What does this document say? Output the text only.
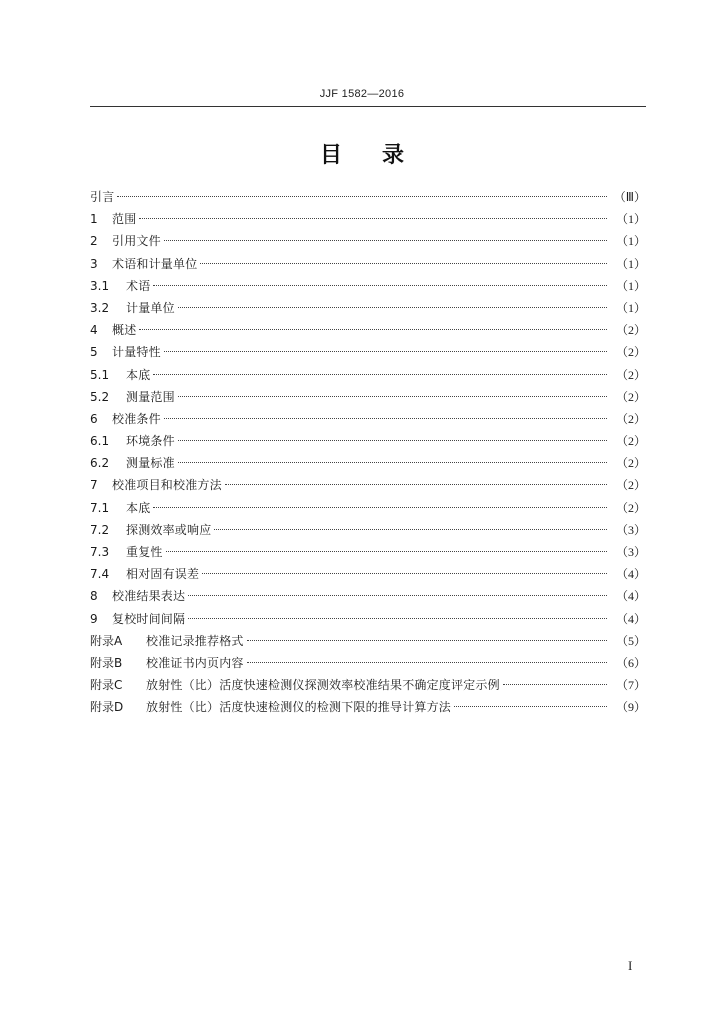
JJF 1582—2016
目录
引言	（Ⅲ）
1	范围	（1）
2	引用文件	（1）
3	术语和计量单位	（1）
3.1	术语	（1）
3.2	计量单位	（1）
4	概述	（2）
5	计量特性	（2）
5.1	本底	（2）
5.2	测量范围	（2）
6	校准条件	（2）
6.1	环境条件	（2）
6.2	测量标准	（2）
7	校准项目和校准方法	（2）
7.1	本底	（2）
7.2	探测效率或响应	（3）
7.3	重复性	（3）
7.4	相对固有误差	（4）
8	校准结果表达	（4）
9	复校时间间隔	（4）
附录A	校准记录推荐格式	（5）
附录B	校准证书内页内容	（6）
附录C	放射性（比）活度快速检测仪探测效率校准结果不确定度评定示例	（7）
附录D	放射性（比）活度快速检测仪的检测下限的推导计算方法	（9）
I
